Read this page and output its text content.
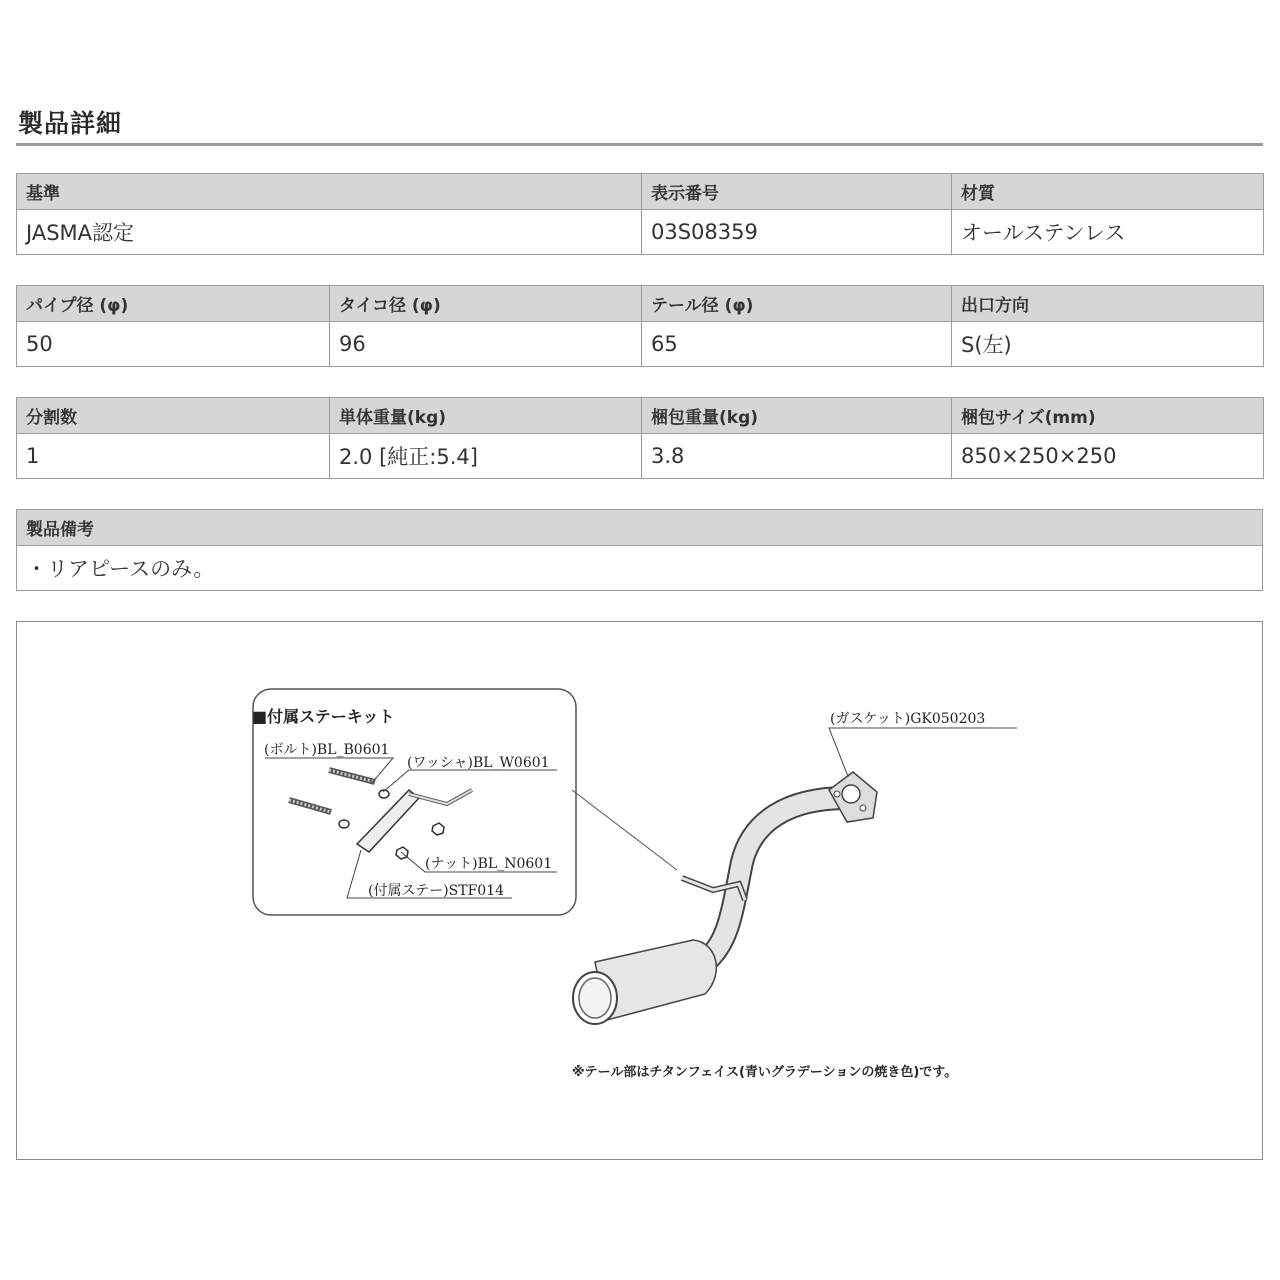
製品詳細
基準	表示番号	材質
JASMA認定	03S08359	オールステンレス
パイプ径 (φ)	タイコ径 (φ)	テール径 (φ)	出口方向
50	96	65	S(左)
分割数	単体重量(kg)	梱包重量(kg)	梱包サイズ(mm)
1	2.0 [純正:5.4]	3.8	850×250×250
製品備考
・リアピースのみ。
■付属ステーキット
(ボルト)BL_B0601
(ワッシャ)BL_W0601
(ナット)BL_N0601
(付属ステー)STF014
(ガスケット)GK050203
※テール部はチタンフェイス(青いグラデーションの焼き色)です。
